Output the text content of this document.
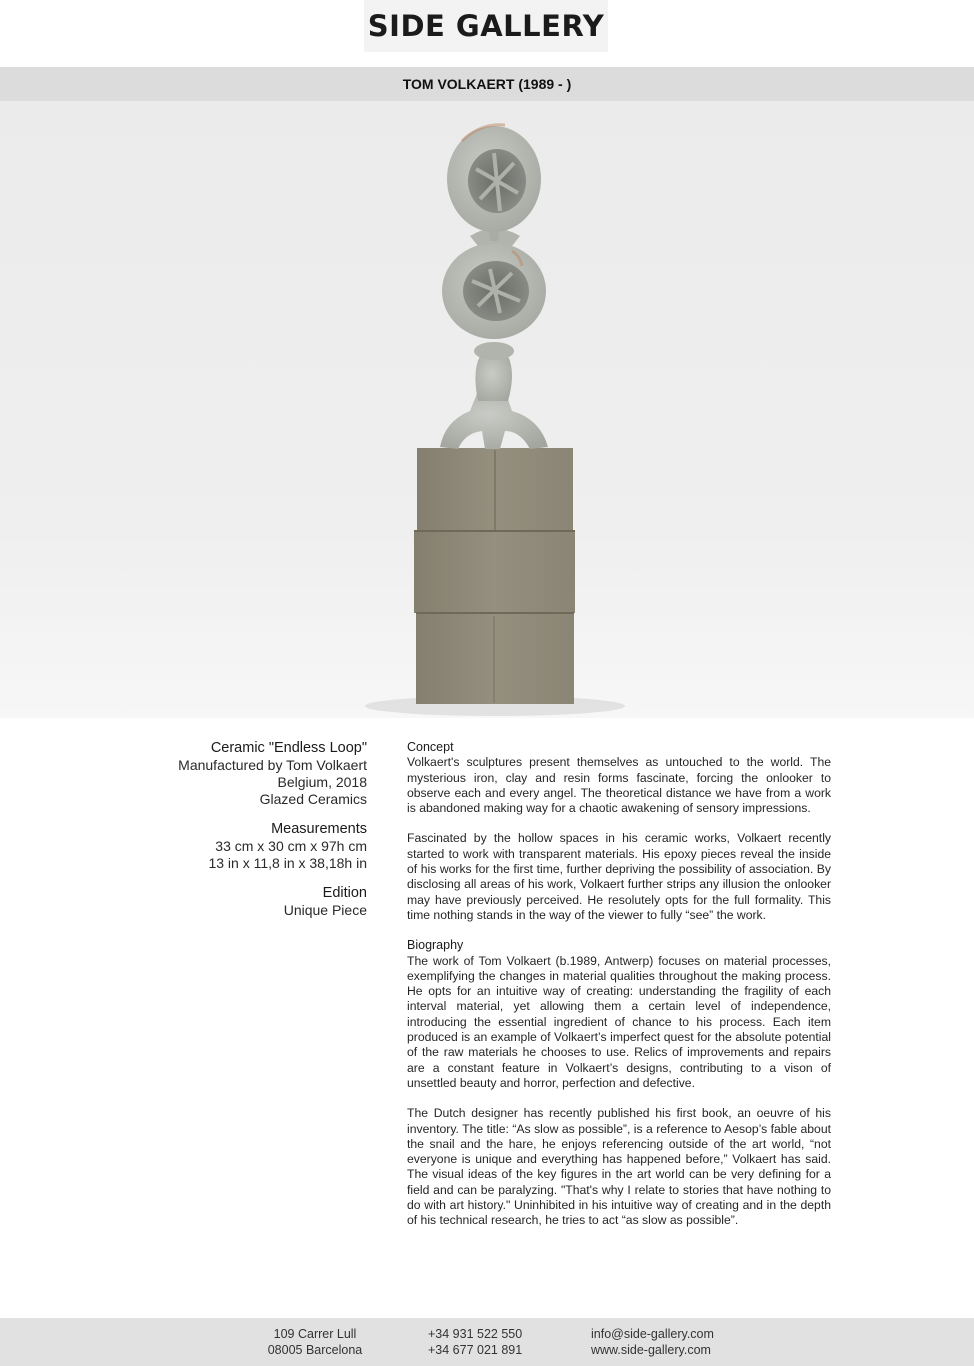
SIDE GALLERY
TOM VOLKAERT (1989 - )
Ceramic "Endless Loop"
Manufactured by Tom Volkaert
Belgium, 2018
Glazed Ceramics
Measurements
33 cm x 30 cm x 97h cm
13 in x 11,8 in x 38,18h in
Edition
Unique Piece
Concept

Volkaert's sculptures present themselves as untouched to the world. The mysterious iron, clay and resin forms fascinate, forcing the onlooker to observe each and every angel. The theoretical distance we have from a work is abandoned making way for a chaotic awakening of sensory impressions.

Fascinated by the hollow spaces in his ceramic works, Volkaert recently started to work with transparent materials. His epoxy pieces reveal the inside of his works for the first time, further depriving the possibility of association. By disclosing all areas of his work, Volkaert further strips any illusion the onlooker may have previously perceived. He resolutely opts for the full formality. This time nothing stands in the way of the viewer to fully “see” the work.

Biography

The work of Tom Volkaert (b.1989, Antwerp) focuses on material processes, exemplifying the changes in material qualities throughout the making process. He opts for an intuitive way of creating: understanding the fragility of each interval material, yet allowing them a certain level of independence, introducing the essential ingredient of chance to his process. Each item produced is an example of Volkaert’s imperfect quest for the absolute potential of the raw materials he chooses to use. Relics of improvements and repairs are a constant feature in Volkaert’s designs, contributing to a vison of unsettled beauty and horror, perfection and defective.

The Dutch designer has recently published his first book, an oeuvre of his inventory. The title: “As slow as possible”, is a reference to Aesop’s fable about the snail and the hare, he enjoys referencing outside of the art world, “not everyone is unique and everything has happened before,” Volkaert has said. The visual ideas of the key figures in the art world can be very defining for a field and can be paralyzing. "That's why I relate to stories that have nothing to do with art history." Uninhibited in his intuitive way of creating and in the depth of his technical research, he tries to act “as slow as possible”.

109 Carrer Lull
08005 Barcelona
+34 931 522 550
+34 677 021 891
info@side-gallery.com
www.side-gallery.com
